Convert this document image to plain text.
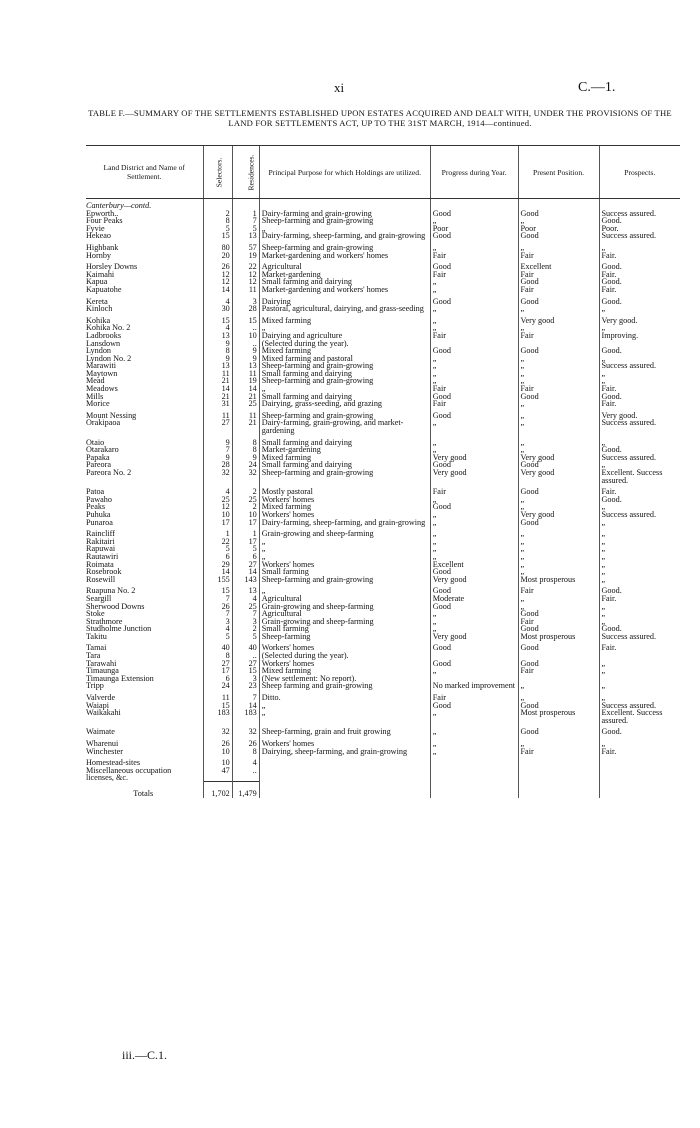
xi	C.—1.
TABLE F.—SUMMARY OF THE SETTLEMENTS ESTABLISHED UPON ESTATES ACQUIRED AND DEALT WITH, UNDER THE PROVISIONS OF THE LAND FOR SETTLEMENTS ACT, UP TO THE 31ST MARCH, 1914—continued.
Land District and Name of Settlement.	Selectors.	Residences.	Principal Purpose for which Holdings are utilized.	Progress during Year.	Present Position.	Prospects.
Canterbury—contd.						
Epworth..	2	1	Dairy-farming and grain-growing	Good	Good	Success assured.
Four Peaks	8	7	Sheep-farming and grain-growing	„	„	Good.
Fyvie	5	5	„	Poor	Poor	Poor.
Hekeao	15	13	Dairy-farming, sheep-farming, and grain-growing	Good	Good	Success assured.
Highbank	80	57	Sheep-farming and grain-growing	„	„	„
Hornby	20	19	Market-gardening and workers' homes	Fair	Fair	Fair.
Horsley Downs	26	22	Agricultural	Good	Excellent	Good.
Kaimahi	12	12	Market-gardening	Fair	Fair	Fair.
Kapua	12	12	Small farming and dairying	„	Good	Good.
Kapuatohe	14	11	Market-gardening and workers' homes	„	Fair	Fair.
Kereta	4	3	Dairying	Good	Good	Good.
Kinloch	30	28	Pastoral, agricultural, dairying, and grass-seeding	„	„	„
Kohika	15	15	Mixed farming	„	Very good	Very good.
Kohika No. 2	4	..	„	„	„	„
Ladbrooks	13	10	Dairying and agriculture	Fair	Fair	Improving.
Lansdown	9	..	(Selected during the year).			
Lyndon	8	9	Mixed farming	Good	Good	Good.
Lyndon No. 2	9	9	Mixed farming and pastoral	„	„	„
Marawiti	13	13	Sheep-farming and grain-growing	„	„	Success assured.
Maytown	11	11	Small farming and dairying	„	„	„
Mead	21	19	Sheep-farming and grain-growing	„	„	„
Meadows	14	14	„	Fair	Fair	Fair.
Mills	21	21	Small farming and dairying	Good	Good	Good.
Morice	31	25	Dairying, grass-seeding, and grazing	Fair	„	Fair.
Mount Nessing	11	11	Sheep-farming and grain-growing	Good	„	Very good.
Orakipaoa	27	21	Dairy-farming, grain-growing, and market-gardening	„	„	Success assured.
Otaio	9	8	Small farming and dairying	„	„	„
Otarakaro	7	8	Market-gardening	„	„	Good.
Papaka	9	9	Mixed farming	Very good	Very good	Success assured.
Pareora	28	24	Small farming and dairying	Good	Good	„
Pareora No. 2	32	32	Sheep-farming and grain-growing	Very good	Very good	Excellent. Success assured.
Patoa	4	2	Mostly pastoral	Fair	Good	Fair.
Pawaho	25	25	Workers' homes	„	„	Good.
Peaks	12	2	Mixed farming	Good	„	„
Puhuka	10	10	Workers' homes	„	Very good	Success assured.
Punaroa	17	17	Dairy-farming, sheep-farming, and grain-growing	„	Good	„
Raincliff	1	1	Grain-growing and sheep-farming	„	„	„
Rakitairi	22	17	„	„	„	„
Rapuwai	5	5	„	„	„	„
Rautawiri	6	6	„	„	„	„
Roimata	29	27	Workers' homes	Excellent	„	„
Rosebrook	14	14	Small farming	Good	„	„
Rosewill	155	143	Sheep-farming and grain-growing	Very good	Most prosperous	„
Ruapuna No. 2	15	13	„	Good	Fair	Good.
Seargill	7	4	Agricultural	Moderate	„	Fair.
Sherwood Downs	26	25	Grain-growing and sheep-farming	Good	„	„
Stoke	7	7	Agricultural	„	Good	„
Strathmore	3	3	Grain-growing and sheep-farming	„	Fair	„
Studholme Junction	4	2	Small farming	„	Good	Good.
Takitu	5	5	Sheep-farming	Very good	Most prosperous	Success assured.
Tamai	40	40	Workers' homes	Good	Good	Fair.
Tara	8	..	(Selected during the year).			
Tarawahi	27	27	Workers' homes	Good	Good	„
Timaunga	17	15	Mixed farming	„	Fair	„
Timaunga Extension	6	3	(New settlement: No report).			
Tripp	24	23	Sheep farming and grain-growing	No marked improvement	„	„
Valverde	11	7	Ditto.	Fair	„	„
Waiapi	15	14	„	Good	Good	Success assured.
Waikakahi	183	183	„	„	Most prosperous	Excellent. Success assured.
Waimate	32	32	Sheep-farming, grain and fruit growing	„	Good	Good.
Wharenui	26	26	Workers' homes	„	„	„
Winchester	10	8	Dairying, sheep-farming, and grain-growing	„	Fair	Fair.
Homestead-sites	10	4				
Miscellaneous occupation licenses, &c.	47	..				
Totals	1,702	1,479				
iii.—C.1.
